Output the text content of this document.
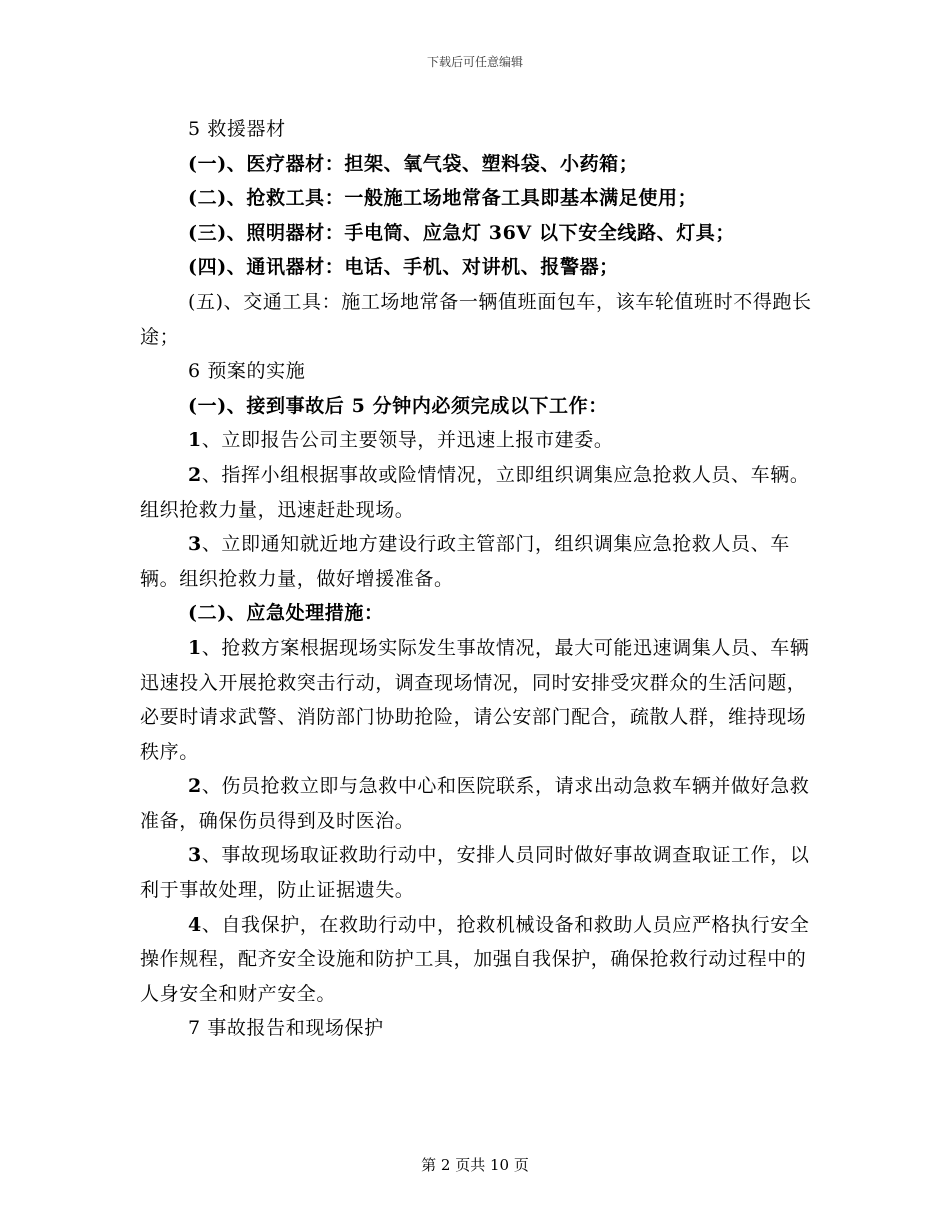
下载后可任意编辑

5 救援器材

(一)、医疗器材：担架、氧气袋、塑料袋、小药箱；

(二)、抢救工具：一般施工场地常备工具即基本满足使用；

(三)、照明器材：手电筒、应急灯 36V 以下安全线路、灯具；

(四)、通讯器材：电话、手机、对讲机、报警器；

(五)、交通工具：施工场地常备一辆值班面包车，该车轮值班时不得跑长途；

6 预案的实施

(一)、接到事故后 5 分钟内必须完成以下工作：

1、立即报告公司主要领导，并迅速上报市建委。

2、指挥小组根据事故或险情情况，立即组织调集应急抢救人员、车辆。组织抢救力量，迅速赶赴现场。

3、立即通知就近地方建设行政主管部门，组织调集应急抢救人员、车辆。组织抢救力量，做好增援准备。

(二)、应急处理措施：

1、抢救方案根据现场实际发生事故情况，最大可能迅速调集人员、车辆迅速投入开展抢救突击行动，调查现场情况，同时安排受灾群众的生活问题，必要时请求武警、消防部门协助抢险，请公安部门配合，疏散人群，维持现场秩序。

2、伤员抢救立即与急救中心和医院联系，请求出动急救车辆并做好急救准备，确保伤员得到及时医治。

3、事故现场取证救助行动中，安排人员同时做好事故调查取证工作，以利于事故处理，防止证据遗失。

4、自我保护，在救助行动中，抢救机械设备和救助人员应严格执行安全操作规程，配齐安全设施和防护工具，加强自我保护，确保抢救行动过程中的人身安全和财产安全。

7 事故报告和现场保护

第 2 页共 10 页
